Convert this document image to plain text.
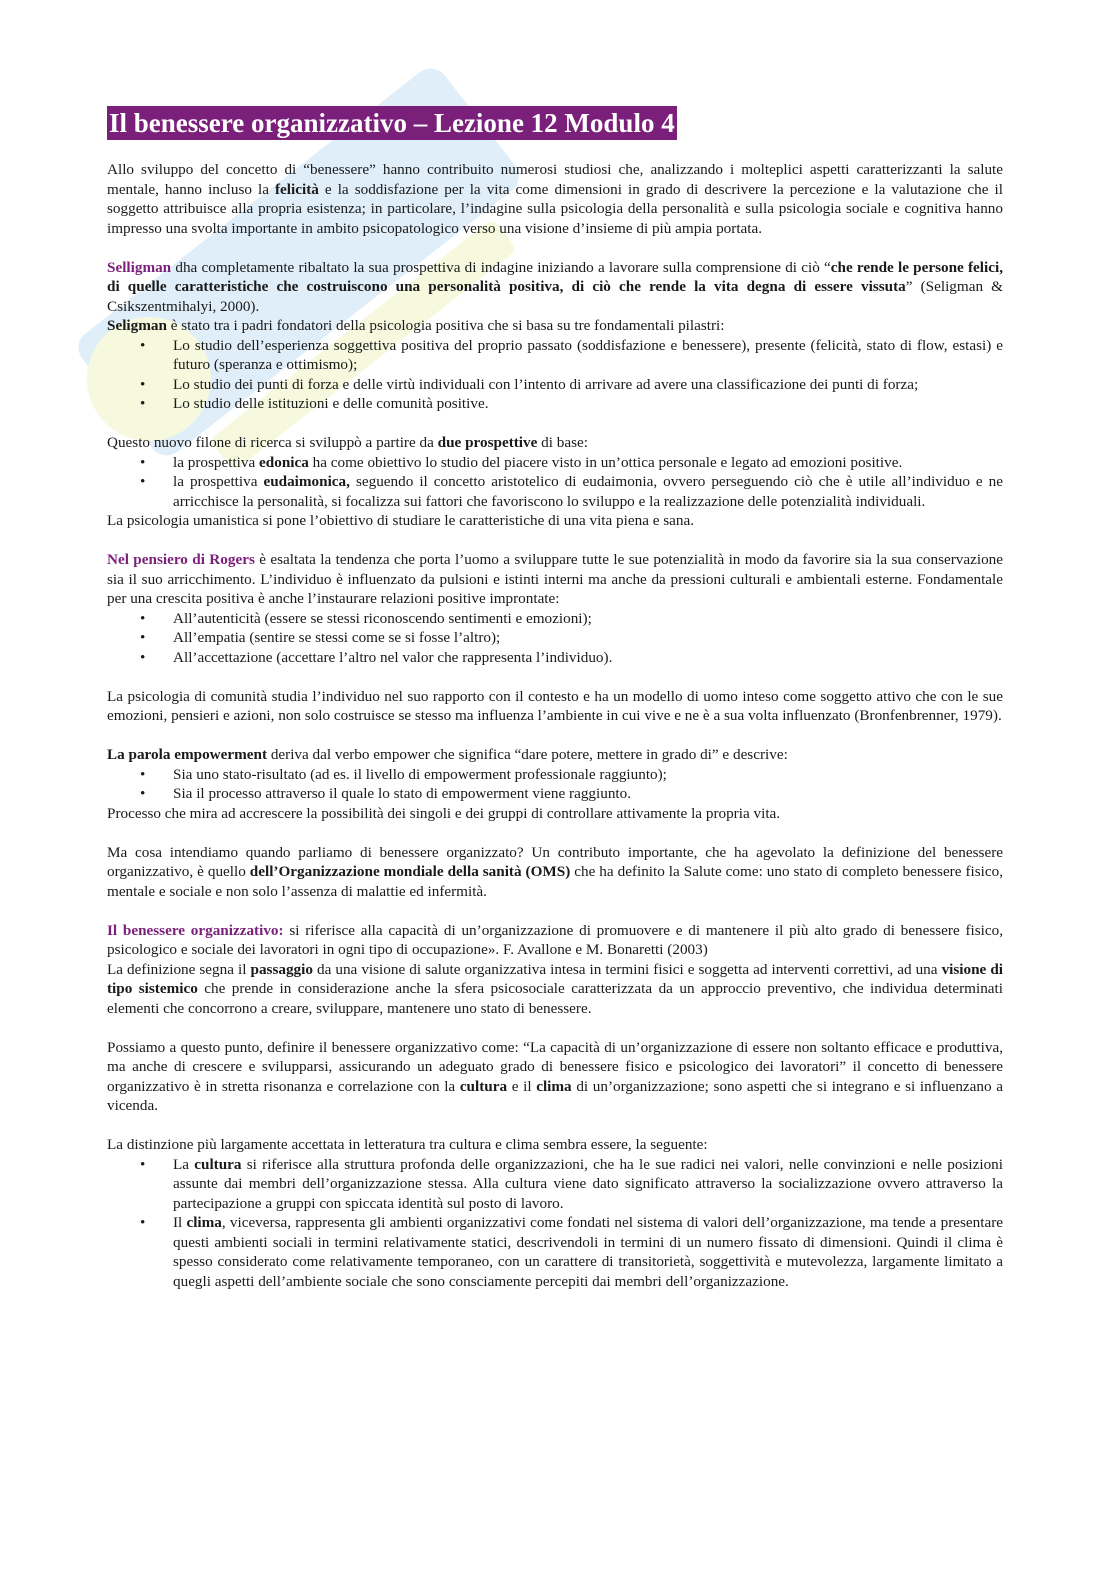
Il benessere organizzativo – Lezione 12 Modulo 4

Allo sviluppo del concetto di “benessere” hanno contribuito numerosi studiosi che, analizzando i molteplici aspetti caratterizzanti la salute mentale, hanno incluso la felicità e la soddisfazione per la vita come dimensioni in grado di descrivere la percezione e la valutazione che il soggetto attribuisce alla propria esistenza; in particolare, l’indagine sulla psicologia della personalità e sulla psicologia sociale e cognitiva hanno impresso una svolta importante in ambito psicopatologico verso una visione d’insieme di più ampia portata.

Selligman dha completamente ribaltato la sua prospettiva di indagine iniziando a lavorare sulla comprensione di ciò “che rende le persone felici, di quelle caratteristiche che costruiscono una personalità positiva, di ciò che rende la vita degna di essere vissuta” (Seligman & Csikszentmihalyi, 2000).

Seligman è stato tra i padri fondatori della psicologia positiva che si basa su tre fondamentali pilastri:

• Lo studio dell’esperienza soggettiva positiva del proprio passato (soddisfazione e benessere), presente (felicità, stato di flow, estasi) e futuro (speranza e ottimismo);
• Lo studio dei punti di forza e delle virtù individuali con l’intento di arrivare ad avere una classificazione dei punti di forza;
• Lo studio delle istituzioni e delle comunità positive.

Questo nuovo filone di ricerca si sviluppò a partire da due prospettive di base:

• la prospettiva edonica ha come obiettivo lo studio del piacere visto in un’ottica personale e legato ad emozioni positive.
• la prospettiva eudaimonica, seguendo il concetto aristotelico di eudaimonia, ovvero perseguendo ciò che è utile all’individuo e ne arricchisce la personalità, si focalizza sui fattori che favoriscono lo sviluppo e la realizzazione delle potenzialità individuali.

La psicologia umanistica si pone l’obiettivo di studiare le caratteristiche di una vita piena e sana.

Nel pensiero di Rogers è esaltata la tendenza che porta l’uomo a sviluppare tutte le sue potenzialità in modo da favorire sia la sua conservazione sia il suo arricchimento. L’individuo è influenzato da pulsioni e istinti interni ma anche da pressioni culturali e ambientali esterne. Fondamentale per una crescita positiva è anche l’instaurare relazioni positive improntate:

• All’autenticità (essere se stessi riconoscendo sentimenti e emozioni);
• All’empatia (sentire se stessi come se si fosse l’altro);
• All’accettazione (accettare l’altro nel valor che rappresenta l’individuo).

La psicologia di comunità studia l’individuo nel suo rapporto con il contesto e ha un modello di uomo inteso come soggetto attivo che con le sue emozioni, pensieri e azioni, non solo costruisce se stesso ma influenza l’ambiente in cui vive e ne è a sua volta influenzato (Bronfenbrenner, 1979).

La parola empowerment deriva dal verbo empower che significa “dare potere, mettere in grado di” e descrive:

• Sia uno stato-risultato (ad es. il livello di empowerment professionale raggiunto);
• Sia il processo attraverso il quale lo stato di empowerment viene raggiunto.

Processo che mira ad accrescere la possibilità dei singoli e dei gruppi di controllare attivamente la propria vita.

Ma cosa intendiamo quando parliamo di benessere organizzato? Un contributo importante, che ha agevolato la definizione del benessere organizzativo, è quello dell’Organizzazione mondiale della sanità (OMS) che ha definito la Salute come: uno stato di completo benessere fisico, mentale e sociale e non solo l’assenza di malattie ed infermità.

Il benessere organizzativo: si riferisce alla capacità di un’organizzazione di promuovere e di mantenere il più alto grado di benessere fisico, psicologico e sociale dei lavoratori in ogni tipo di occupazione». F. Avallone e M. Bonaretti (2003)

La definizione segna il passaggio da una visione di salute organizzativa intesa in termini fisici e soggetta ad interventi correttivi, ad una visione di tipo sistemico che prende in considerazione anche la sfera psicosociale caratterizzata da un approccio preventivo, che individua determinati elementi che concorrono a creare, sviluppare, mantenere uno stato di benessere.

Possiamo a questo punto, definire il benessere organizzativo come: “La capacità di un’organizzazione di essere non soltanto efficace e produttiva, ma anche di crescere e svilupparsi, assicurando un adeguato grado di benessere fisico e psicologico dei lavoratori” il concetto di benessere organizzativo è in stretta risonanza e correlazione con la cultura e il clima di un’organizzazione; sono aspetti che si integrano e si influenzano a vicenda.

La distinzione più largamente accettata in letteratura tra cultura e clima sembra essere, la seguente:

• La cultura si riferisce alla struttura profonda delle organizzazioni, che ha le sue radici nei valori, nelle convinzioni e nelle posizioni assunte dai membri dell’organizzazione stessa. Alla cultura viene dato significato attraverso la socializzazione ovvero attraverso la partecipazione a gruppi con spiccata identità sul posto di lavoro.
• Il clima, viceversa, rappresenta gli ambienti organizzativi come fondati nel sistema di valori dell’organizzazione, ma tende a presentare questi ambienti sociali in termini relativamente statici, descrivendoli in termini di un numero fissato di dimensioni. Quindi il clima è spesso considerato come relativamente temporaneo, con un carattere di transitorietà, soggettività e mutevolezza, largamente limitato a quegli aspetti dell’ambiente sociale che sono consciamente percepiti dai membri dell’organizzazione.
